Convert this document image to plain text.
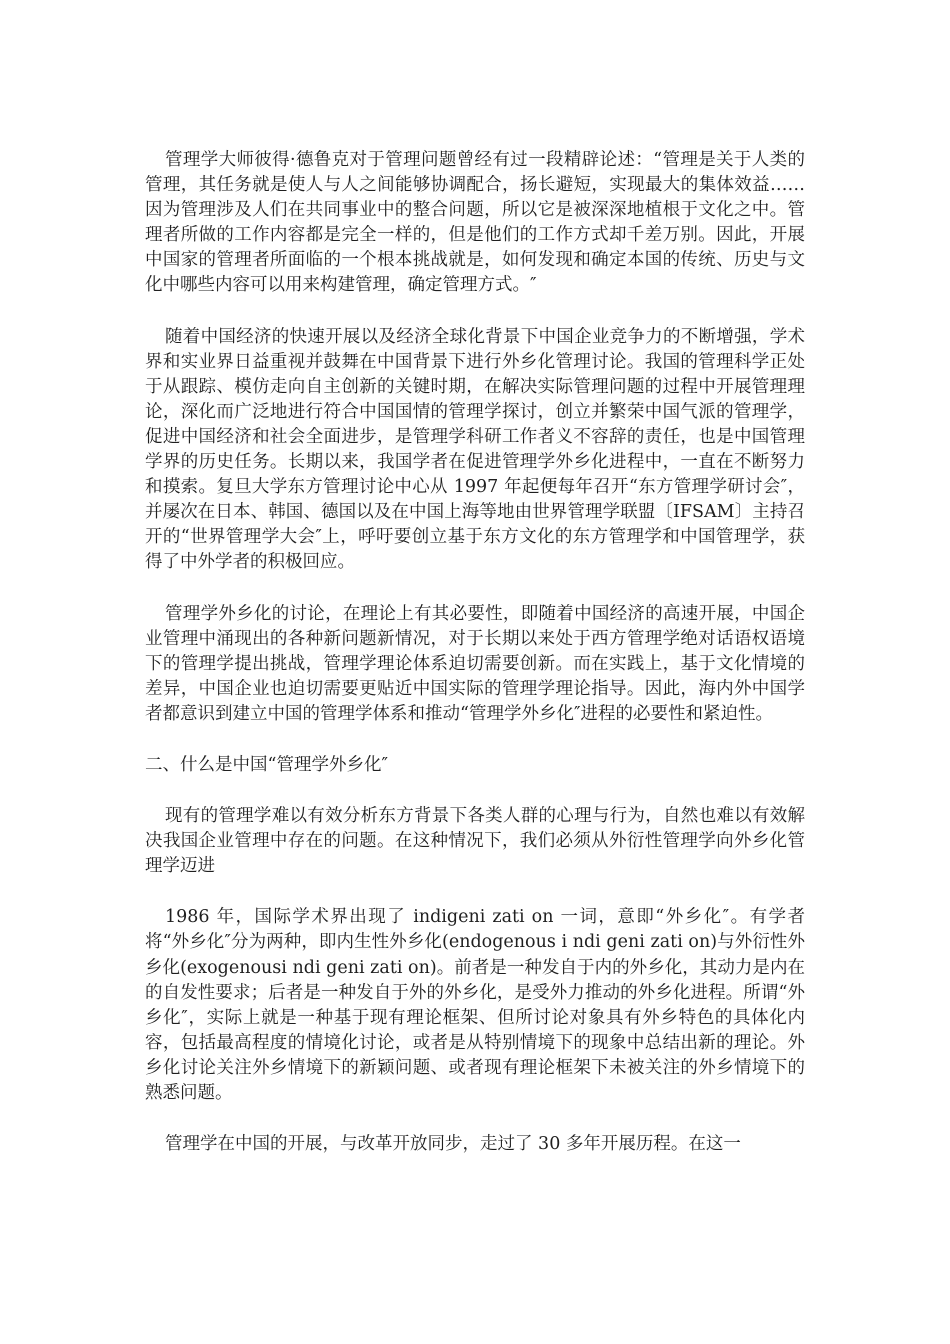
管理学大师彼得·德鲁克对于管理问题曾经有过一段精辟论述：“管理是关于人类的管理，其任务就是使人与人之间能够协调配合，扬长避短，实现最大的集体效益……因为管理涉及人们在共同事业中的整合问题，所以它是被深深地植根于文化之中。管理者所做的工作内容都是完全一样的，但是他们的工作方式却千差万别。因此，开展中国家的管理者所面临的一个根本挑战就是，如何发现和确定本国的传统、历史与文化中哪些内容可以用来构建管理，确定管理方式。″

随着中国经济的快速开展以及经济全球化背景下中国企业竞争力的不断增强，学术界和实业界日益重视并鼓舞在中国背景下进行外乡化管理讨论。我国的管理科学正处于从跟踪、模仿走向自主创新的关键时期，在解决实际管理问题的过程中开展管理理论，深化而广泛地进行符合中国国情的管理学探讨，创立并繁荣中国气派的管理学，促进中国经济和社会全面进步，是管理学科研工作者义不容辞的责任，也是中国管理学界的历史任务。长期以来，我国学者在促进管理学外乡化进程中，一直在不断努力和摸索。复旦大学东方管理讨论中心从 1997 年起便每年召开“东方管理学研讨会″，并屡次在日本、韩国、德国以及在中国上海等地由世界管理学联盟〔IFSAM〕主持召开的“世界管理学大会″上，呼吁要创立基于东方文化的东方管理学和中国管理学，获得了中外学者的积极回应。

管理学外乡化的讨论，在理论上有其必要性，即随着中国经济的高速开展，中国企业管理中涌现出的各种新问题新情况，对于长期以来处于西方管理学绝对话语权语境下的管理学提出挑战，管理学理论体系迫切需要创新。而在实践上，基于文化情境的差异，中国企业也迫切需要更贴近中国实际的管理学理论指导。因此，海内外中国学者都意识到建立中国的管理学体系和推动“管理学外乡化″进程的必要性和紧迫性。

二、什么是中国“管理学外乡化″

现有的管理学难以有效分析东方背景下各类人群的心理与行为，自然也难以有效解决我国企业管理中存在的问题。在这种情况下，我们必须从外衍性管理学向外乡化管理学迈进

1986 年，国际学术界出现了 indigeni zati on 一词，意即“外乡化″。有学者将“外乡化″分为两种，即内生性外乡化(endogenous i ndi geni zati on)与外衍性外乡化(exogenousi ndi geni zati on)。前者是一种发自于内的外乡化，其动力是内在的自发性要求；后者是一种发自于外的外乡化，是受外力推动的外乡化进程。所谓“外乡化″，实际上就是一种基于现有理论框架、但所讨论对象具有外乡特色的具体化内容，包括最高程度的情境化讨论，或者是从特别情境下的现象中总结出新的理论。外乡化讨论关注外乡情境下的新颖问题、或者现有理论框架下未被关注的外乡情境下的熟悉问题。

管理学在中国的开展，与改革开放同步，走过了 30 多年开展历程。在这一
